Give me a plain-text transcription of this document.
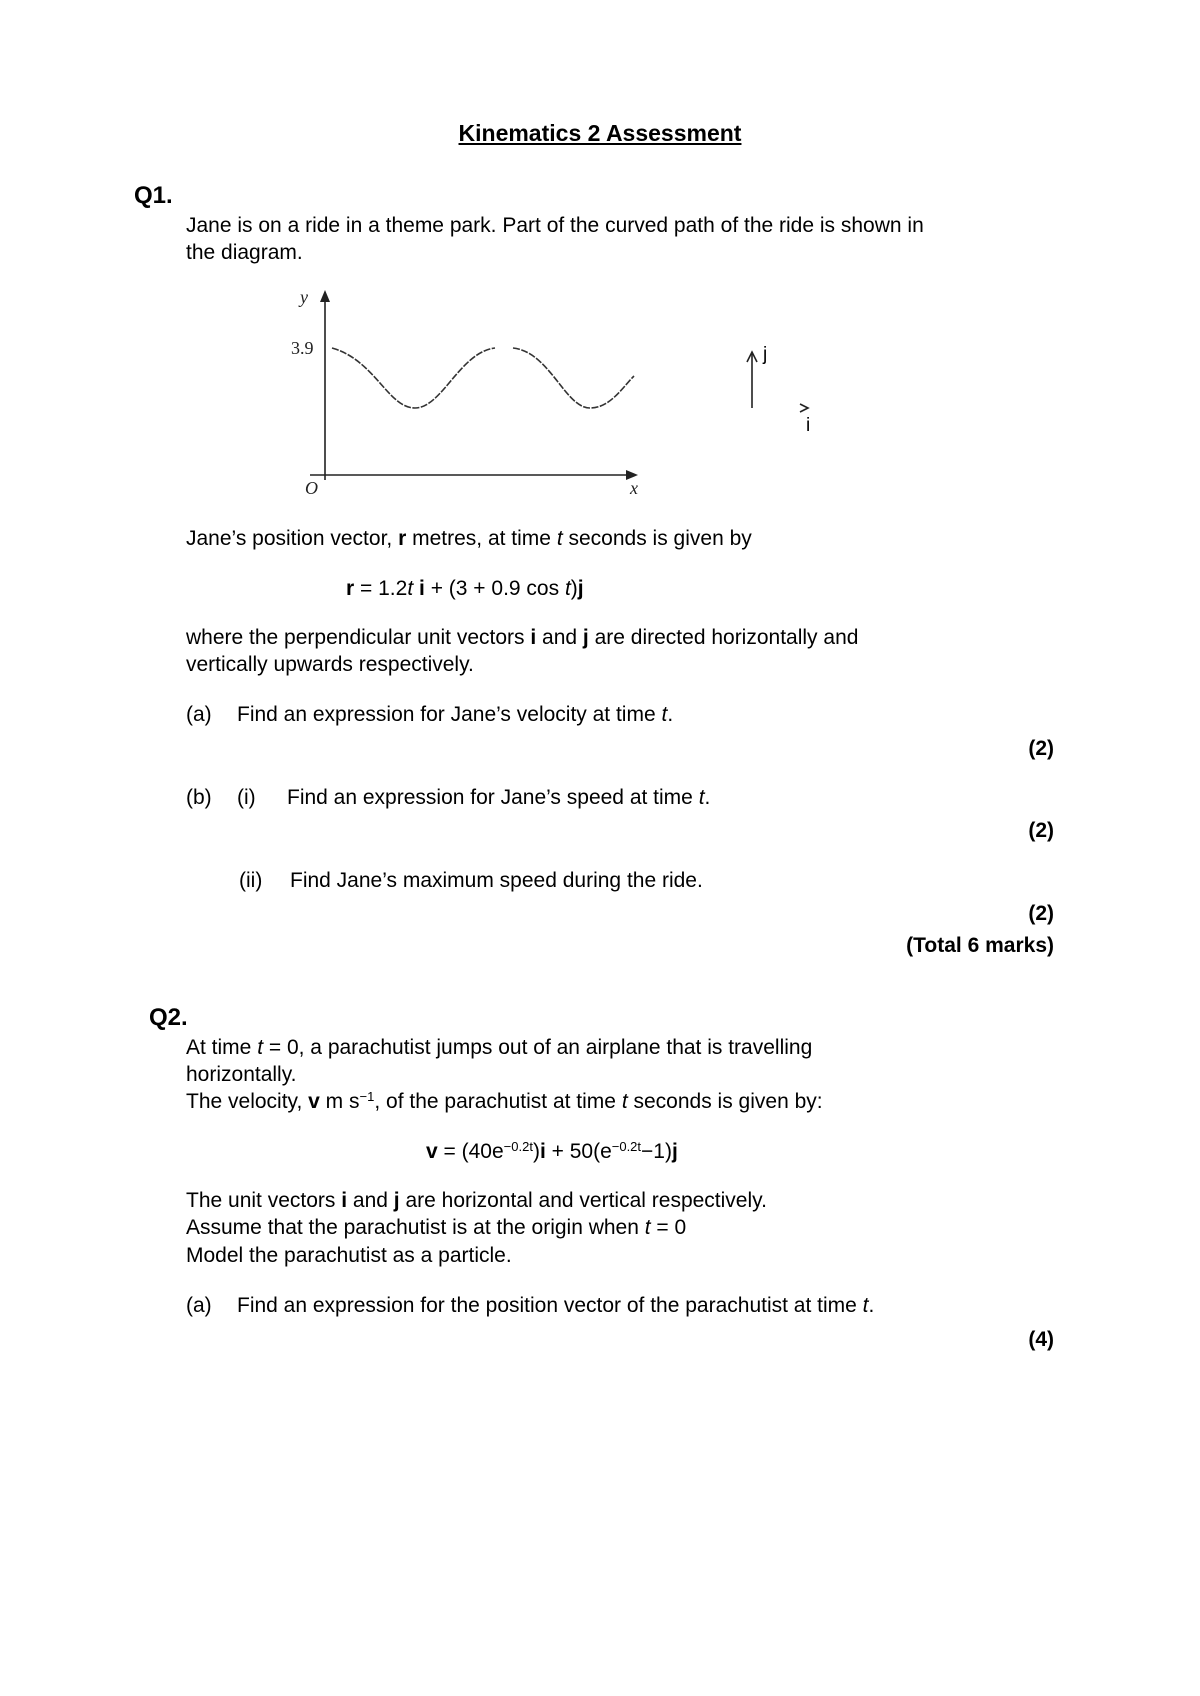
Kinematics 2 Assessment
Q1.
Jane is on a ride in a theme park. Part of the curved path of the ride is shown in
the diagram.
y
3.9
O	x
j
i
Jane’s position vector, r metres, at time t seconds is given by
r = 1.2t i + (3 + 0.9 cos t)j
where the perpendicular unit vectors i and j are directed horizontally and
vertically upwards respectively.
(a) Find an expression for Jane’s velocity at time t.
(2)
(b) (i) Find an expression for Jane’s speed at time t.
(2)
(ii) Find Jane’s maximum speed during the ride.
(2)
(Total 6 marks)
Q2.
At time t = 0, a parachutist jumps out of an airplane that is travelling
horizontally.
The velocity, v m $s^{-1}$, of the parachutist at time t seconds is given by:
$v = (40e^{-0.2t})i + 50(e^{-0.2t}-1)j$
The unit vectors i and j are horizontal and vertical respectively.
Assume that the parachutist is at the origin when t = 0
Model the parachutist as a particle.
(a) Find an expression for the position vector of the parachutist at time t.
(4)
